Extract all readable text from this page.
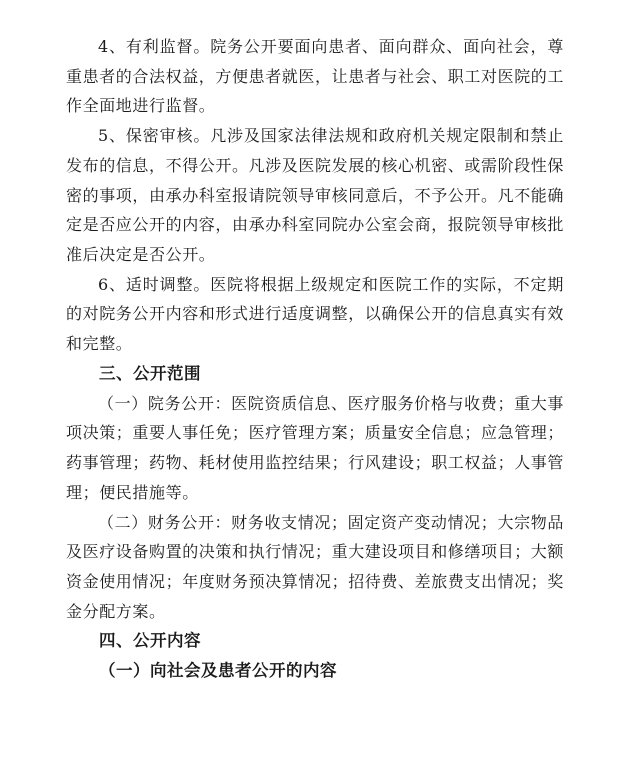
4、有利监督。院务公开要面向患者、面向群众、面向社会，尊重患者的合法权益，方便患者就医，让患者与社会、职工对医院的工作全面地进行监督。

5、保密审核。凡涉及国家法律法规和政府机关规定限制和禁止发布的信息，不得公开。凡涉及医院发展的核心机密、或需阶段性保密的事项，由承办科室报请院领导审核同意后，不予公开。凡不能确定是否应公开的内容，由承办科室同院办公室会商，报院领导审核批准后决定是否公开。

6、适时调整。医院将根据上级规定和医院工作的实际，不定期的对院务公开内容和形式进行适度调整，以确保公开的信息真实有效和完整。

三、公开范围

（一）院务公开：医院资质信息、医疗服务价格与收费；重大事项决策；重要人事任免；医疗管理方案；质量安全信息；应急管理；药事管理；药物、耗材使用监控结果；行风建设；职工权益；人事管理；便民措施等。

（二）财务公开：财务收支情况；固定资产变动情况；大宗物品及医疗设备购置的决策和执行情况；重大建设项目和修缮项目；大额资金使用情况；年度财务预决算情况；招待费、差旅费支出情况；奖金分配方案。

四、公开内容

（一）向社会及患者公开的内容
